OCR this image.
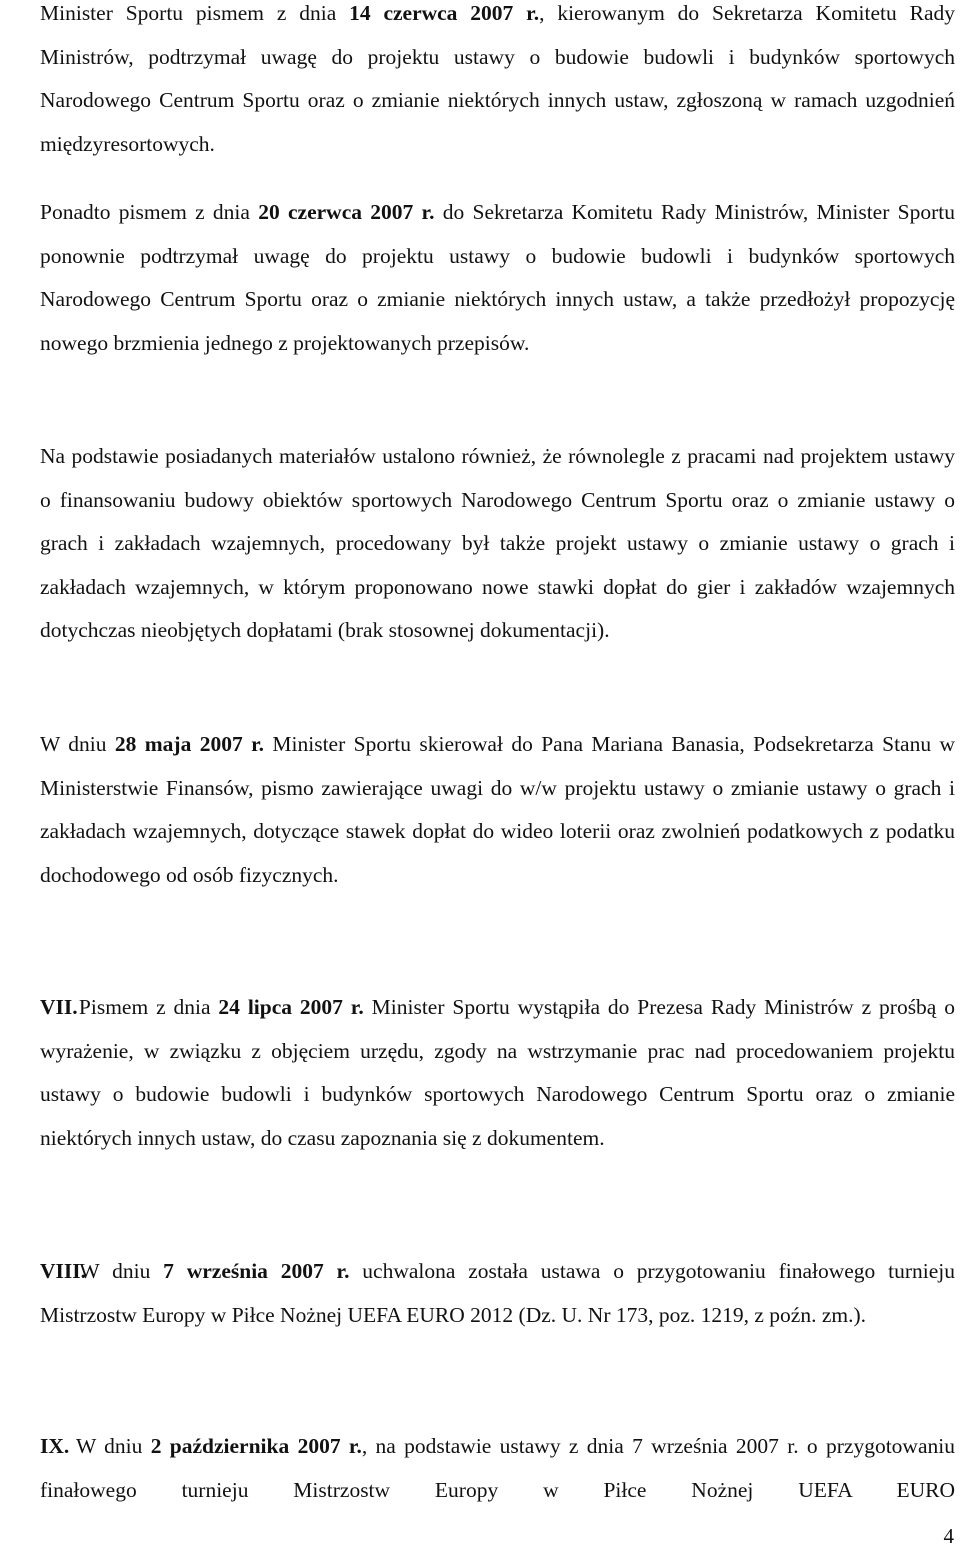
Minister Sportu pismem z dnia 14 czerwca 2007 r., kierowanym do Sekretarza Komitetu Rady Ministrów, podtrzymał uwagę do projektu ustawy o budowie budowli i budynków sportowych Narodowego Centrum Sportu oraz o zmianie niektórych innych ustaw, zgłoszoną w ramach uzgodnień międzyresortowych.

Ponadto pismem z dnia 20 czerwca 2007 r. do Sekretarza Komitetu Rady Ministrów, Minister Sportu ponownie podtrzymał uwagę do projektu ustawy o budowie budowli i budynków sportowych Narodowego Centrum Sportu oraz o zmianie niektórych innych ustaw, a także przedłożył propozycję nowego brzmienia jednego z projektowanych przepisów.

Na podstawie posiadanych materiałów ustalono również, że równolegle z pracami nad projektem ustawy o finansowaniu budowy obiektów sportowych Narodowego Centrum Sportu oraz o zmianie ustawy o grach i zakładach wzajemnych, procedowany był także projekt ustawy o zmianie ustawy o grach i zakładach wzajemnych, w którym proponowano nowe stawki dopłat do gier i zakładów wzajemnych dotychczas nieobjętych dopłatami (brak stosownej dokumentacji).

W dniu 28 maja 2007 r. Minister Sportu skierował do Pana Mariana Banasia, Podsekretarza Stanu w Ministerstwie Finansów, pismo zawierające uwagi do w/w projektu ustawy o zmianie ustawy o grach i zakładach wzajemnych, dotyczące stawek dopłat do wideo loterii oraz zwolnień podatkowych z podatku dochodowego od osób fizycznych.

VII. Pismem z dnia 24 lipca 2007 r. Minister Sportu wystąpiła do Prezesa Rady Ministrów z prośbą o wyrażenie, w związku z objęciem urzędu, zgody na wstrzymanie prac nad procedowaniem projektu ustawy o budowie budowli i budynków sportowych Narodowego Centrum Sportu oraz o zmianie niektórych innych ustaw, do czasu zapoznania się z dokumentem.

VIII. W dniu 7 września 2007 r. uchwalona została ustawa o przygotowaniu finałowego turnieju Mistrzostw Europy w Piłce Nożnej UEFA EURO 2012 (Dz. U. Nr 173, poz. 1219, z poźn. zm.).

IX. W dniu 2 października 2007 r., na podstawie ustawy z dnia 7 września 2007 r. o przygotowaniu finałowego turnieju Mistrzostw Europy w Piłce Nożnej UEFA EURO

4
